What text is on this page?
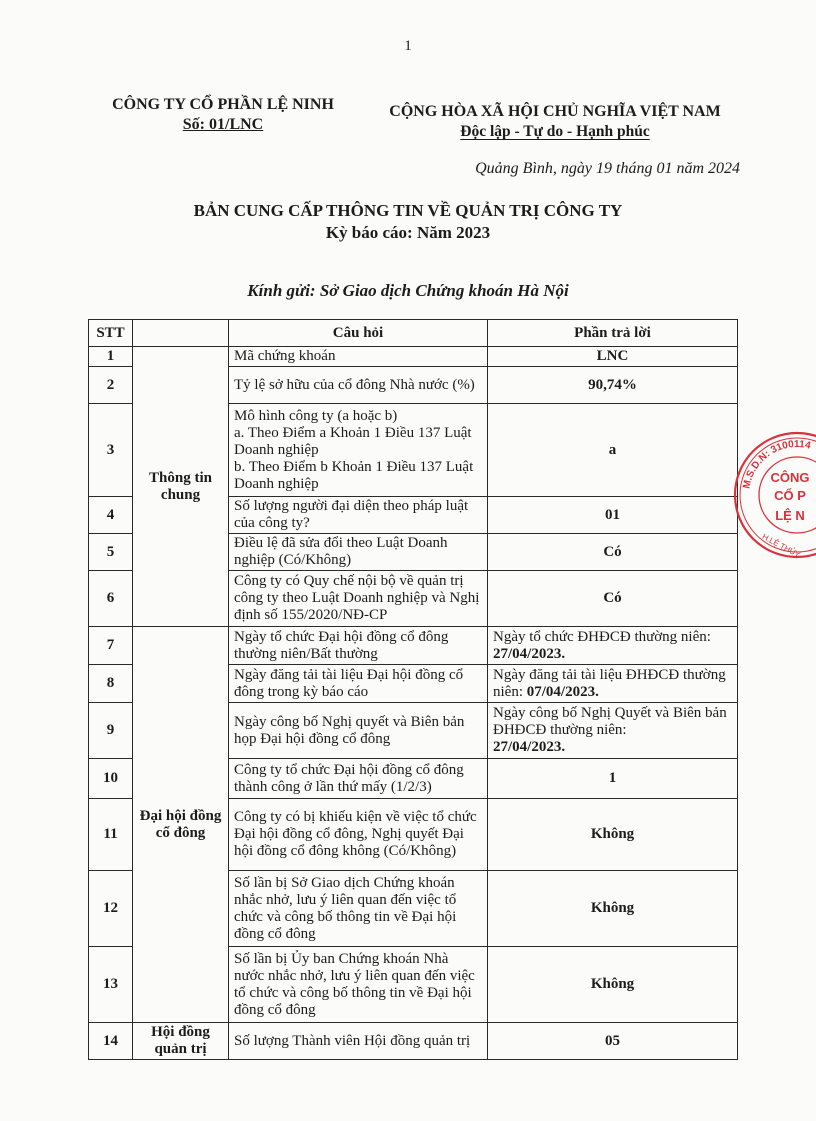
1
CÔNG TY CỔ PHẦN LỆ NINH
Số: 01/LNC
CỘNG HÒA XÃ HỘI CHỦ NGHĨA VIỆT NAM
Độc lập - Tự do - Hạnh phúc
Quảng Bình, ngày 19 tháng 01 năm 2024
BẢN CUNG CẤP THÔNG TIN VỀ QUẢN TRỊ CÔNG TY
Kỳ báo cáo: Năm 2023
Kính gửi: Sở Giao dịch Chứng khoán Hà Nội
STT		Câu hỏi	Phần trả lời
1	Thông tin chung	Mã chứng khoán	LNC
2		Tỷ lệ sở hữu của cổ đông Nhà nước (%)	90,74%
3		Mô hình công ty (a hoặc b)
a. Theo Điểm a Khoản 1 Điều 137 Luật Doanh nghiệp
b. Theo Điểm b Khoản 1 Điều 137 Luật Doanh nghiệp	a
4		Số lượng người đại diện theo pháp luật của công ty?	01
5		Điều lệ đã sửa đổi theo Luật Doanh nghiệp (Có/Không)	Có
6		Công ty có Quy chế nội bộ về quản trị công ty theo Luật Doanh nghiệp và Nghị định số 155/2020/NĐ-CP	Có
7	Đại hội đồng cổ đông	Ngày tổ chức Đại hội đồng cổ đông thường niên/Bất thường	Ngày tổ chức ĐHĐCĐ thường niên:
27/04/2023.
8		Ngày đăng tải tài liệu Đại hội đồng cổ đông trong kỳ báo cáo	Ngày đăng tải tài liệu ĐHĐCĐ thường niên: 07/04/2023.
9		Ngày công bố Nghị quyết và Biên bản họp Đại hội đồng cổ đông	Ngày công bố Nghị Quyết và Biên bản ĐHĐCĐ thường niên:
27/04/2023.
10		Công ty tổ chức Đại hội đồng cổ đông thành công ở lần thứ mấy (1/2/3)	1
11		Công ty có bị khiếu kiện về việc tổ chức Đại hội đồng cổ đông, Nghị quyết Đại hội đồng cổ đông không (Có/Không)	Không
12		Số lần bị Sở Giao dịch Chứng khoán nhắc nhở, lưu ý liên quan đến việc tổ chức và công bố thông tin về Đại hội đồng cổ đông	Không
13		Số lần bị Ủy ban Chứng khoán Nhà nước nhắc nhở, lưu ý liên quan đến việc tổ chức và công bố thông tin về Đại hội đồng cổ đông	Không
14	Hội đồng quản trị	Số lượng Thành viên Hội đồng quản trị	05
M.S.D.N: 3100114
CÔNG
CỔ P
LỆ N
H.LỆ THỦY
